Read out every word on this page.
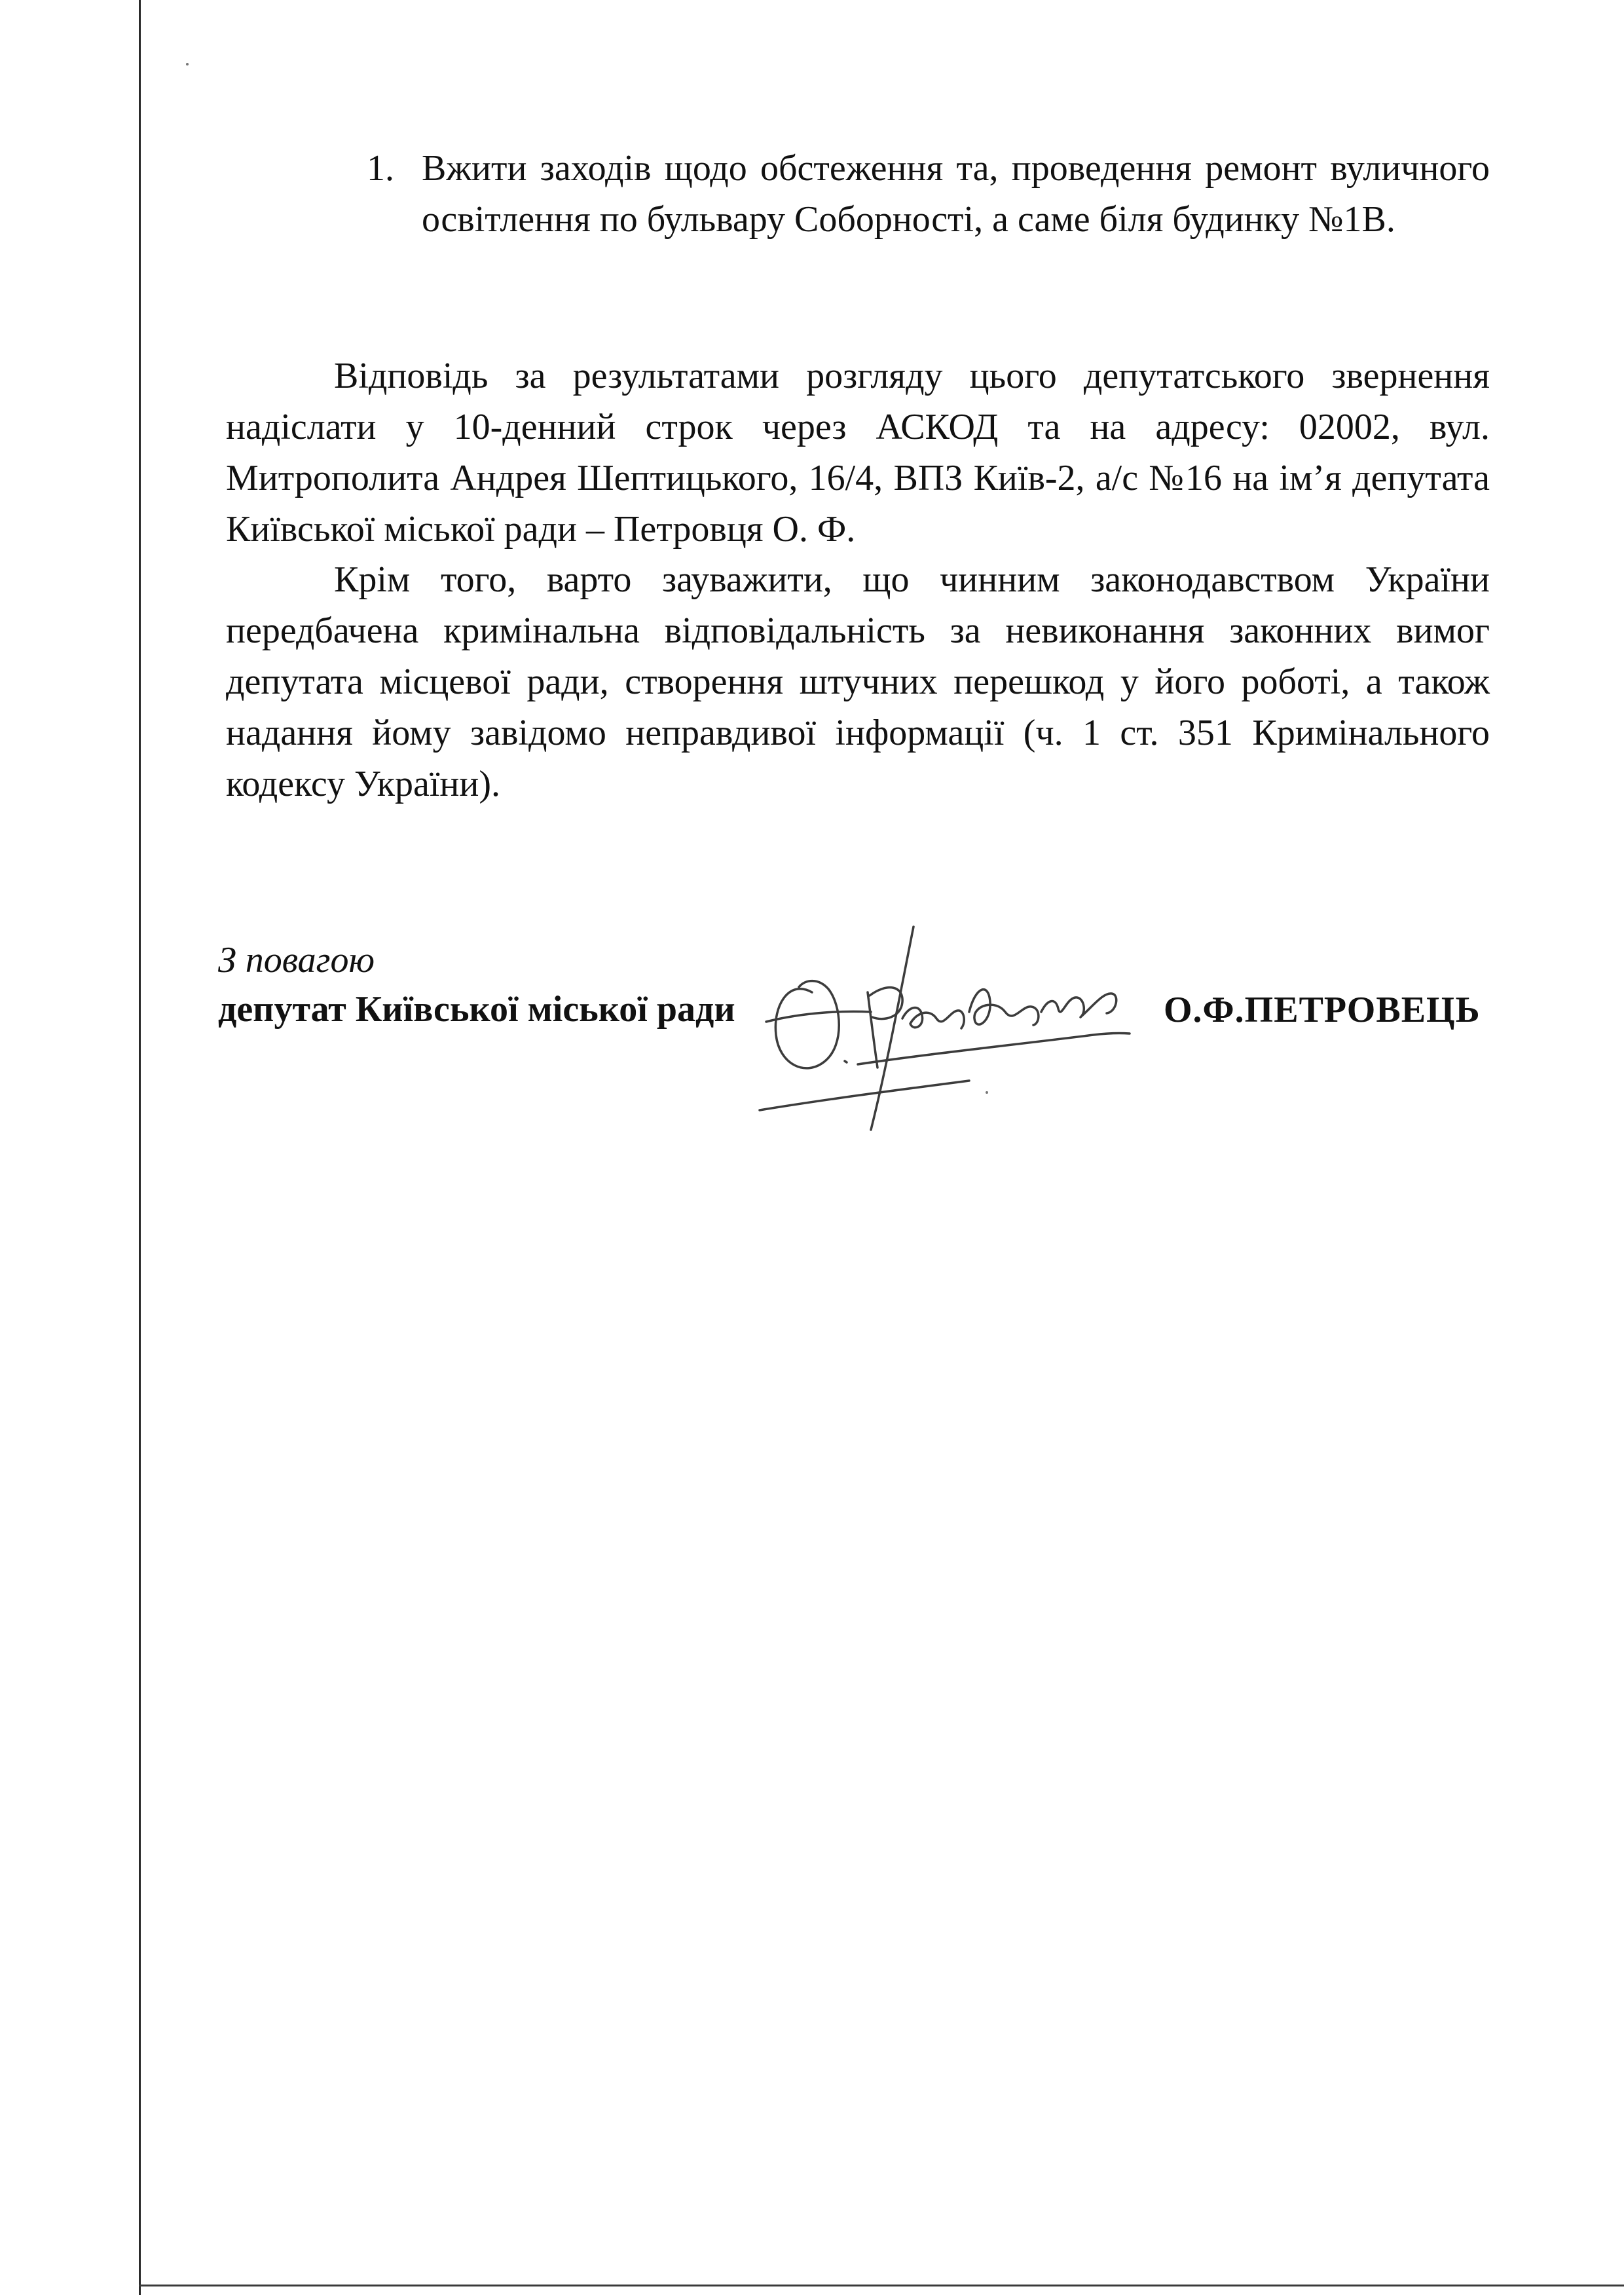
1. Вжити заходів щодо обстеження та, проведення ремонт вуличного освітлення по бульвару Соборності, а саме біля будинку №1В.
Відповідь за результатами розгляду цього депутатського звернення надіслати у 10-денний строк через АСКОД та на адресу: 02002, вул. Митрополита Андрея Шептицького, 16/4, ВПЗ Київ-2, а/с №16 на ім’я депутата Київської міської ради – Петровця О. Ф.
Крім того, варто зауважити, що чинним законодавством України передбачена кримінальна відповідальність за невиконання законних вимог депутата місцевої ради, створення штучних перешкод у його роботі, а також надання йому завідомо неправдивої інформації (ч. 1 ст. 351 Кримінального кодексу України).
З повагою
депутат Київської міської ради	О.Ф.ПЕТРОВЕЦЬ
